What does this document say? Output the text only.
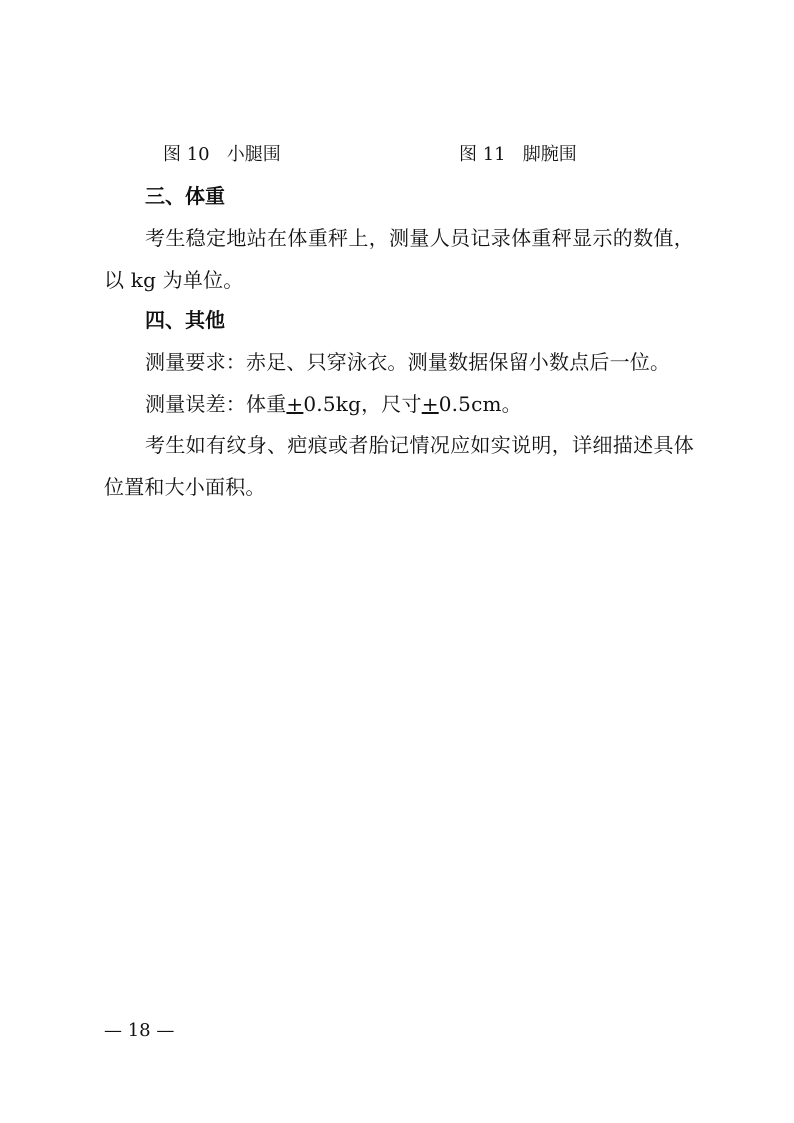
图 10   小腿围	图 11   脚腕围
三、体重

考生稳定地站在体重秤上，测量人员记录体重秤显示的数值，以 kg 为单位。

四、其他

测量要求：赤足、只穿泳衣。测量数据保留小数点后一位。

测量误差：体重+0.5kg，尺寸+0.5cm。

考生如有纹身、疤痕或者胎记情况应如实说明，详细描述具体位置和大小面积。

— 18 —
